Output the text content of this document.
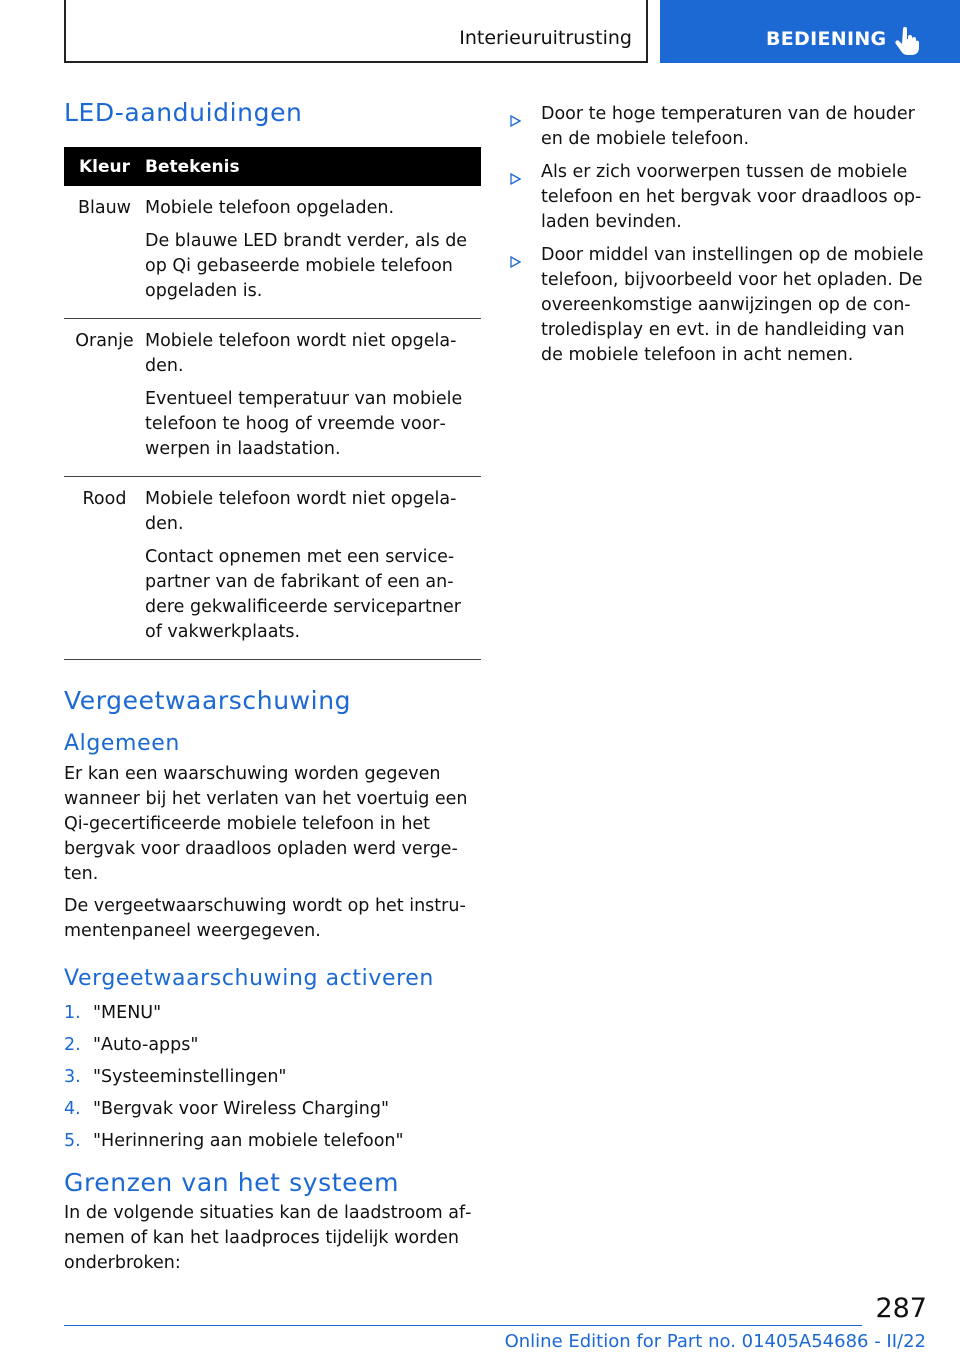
Interieuruitrusting	BEDIENING
LED-aanduidingen
Kleur	Betekenis
Blauw	Mobiele telefoon opgeladen.

De blauwe LED brandt verder, als de op Qi gebaseerde mobiele telefoon opgeladen is.

Oranje	Mobiele telefoon wordt niet opgeladen.

Eventueel temperatuur van mobiele telefoon te hoog of vreemde voorwerpen in laadstation.

Rood	Mobiele telefoon wordt niet opgeladen.

Contact opnemen met een servicepartner van de fabrikant of een andere gekwalificeerde servicepartner of vakwerkplaats.

Vergeetwaarschuwing
Algemeen

Er kan een waarschuwing worden gegeven wanneer bij het verlaten van het voertuig een Qi-gecertificeerde mobiele telefoon in het bergvak voor draadloos opladen werd vergeten.

De vergeetwaarschuwing wordt op het instrumentenpaneel weergegeven.

Vergeetwaarschuwing activeren
1. "MENU"
2. "Auto-apps"
3. "Systeeminstellingen"
4. "Bergvak voor Wireless Charging"
5. "Herinnering aan mobiele telefoon"
Grenzen van het systeem

In de volgende situaties kan de laadstroom afnemen of kan het laadproces tijdelijk worden onderbroken:

Door te hoge temperaturen van de houder en de mobiele telefoon.
Als er zich voorwerpen tussen de mobiele telefoon en het bergvak voor draadloos opladen bevinden.
Door middel van instellingen op de mobiele telefoon, bijvoorbeeld voor het opladen. De overeenkomstige aanwijzingen op de controledisplay en evt. in de handleiding van de mobiele telefoon in acht nemen.
287
Online Edition for Part no. 01405A54686 - II/22
